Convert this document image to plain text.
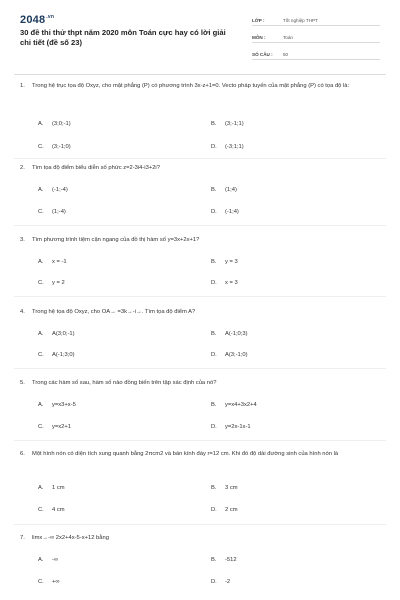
$2048^{.vn}$
30 đề thi thử thpt năm 2020 môn Toán cực hay có lời giải chi tiết (đề số 23)
LỚP :	Tốt nghiệp THPT
MÔN :	Toán
SỐ CÂU :	50
1.	Trong hệ trục tọa độ Oxyz, cho mặt phẳng (P) có phương trình 3x-z+1=0. Vecto pháp tuyến của mặt phẳng (P) có tọa độ là:
A.	(3;0;-1)	B.	(3;-1;1)
C.	(3;-1;0)	D.	(-3;1;1)
2.	Tìm tọa độ điểm biểu diễn số phức z=2-3i4-i3+2i?
A.	(-1;-4)	B.	(1;4)
C.	(1;-4)	D.	(-1;4)
3.	Tìm phương trình tiệm cận ngang của đồ thị hàm số y=3x+2x+1?
A.	x = -1	B.	y = 3
C.	y = 2	D.	x = 3
4.	Trong hệ tọa độ Oxyz, cho OA→ =3k→-i→. Tìm tọa độ điểm A?
A.	A(3;0;-1)	B.	A(-1;0;3)
C.	A(-1;3;0)	D.	A(3;-1;0)
5.	Trong các hàm số sau, hàm số nào đồng biến trên tập xác định của nó?
A.	y=x3+x-5	B.	y=x4+3x2+4
C.	y=x2+1	D.	y=2x-1x-1
6.	Một hình nón có diện tích xung quanh bằng 2πcm2 và bán kính đáy r=12 cm. Khi đó độ dài đường sinh của hình nón là
A.	1 cm	B.	3 cm
C.	4 cm	D.	2 cm
7.	limx→-∞ 2x2+4x-5-x+12 bằng
A.	-∞	B.	-512
C.	+∞	D.	-2
